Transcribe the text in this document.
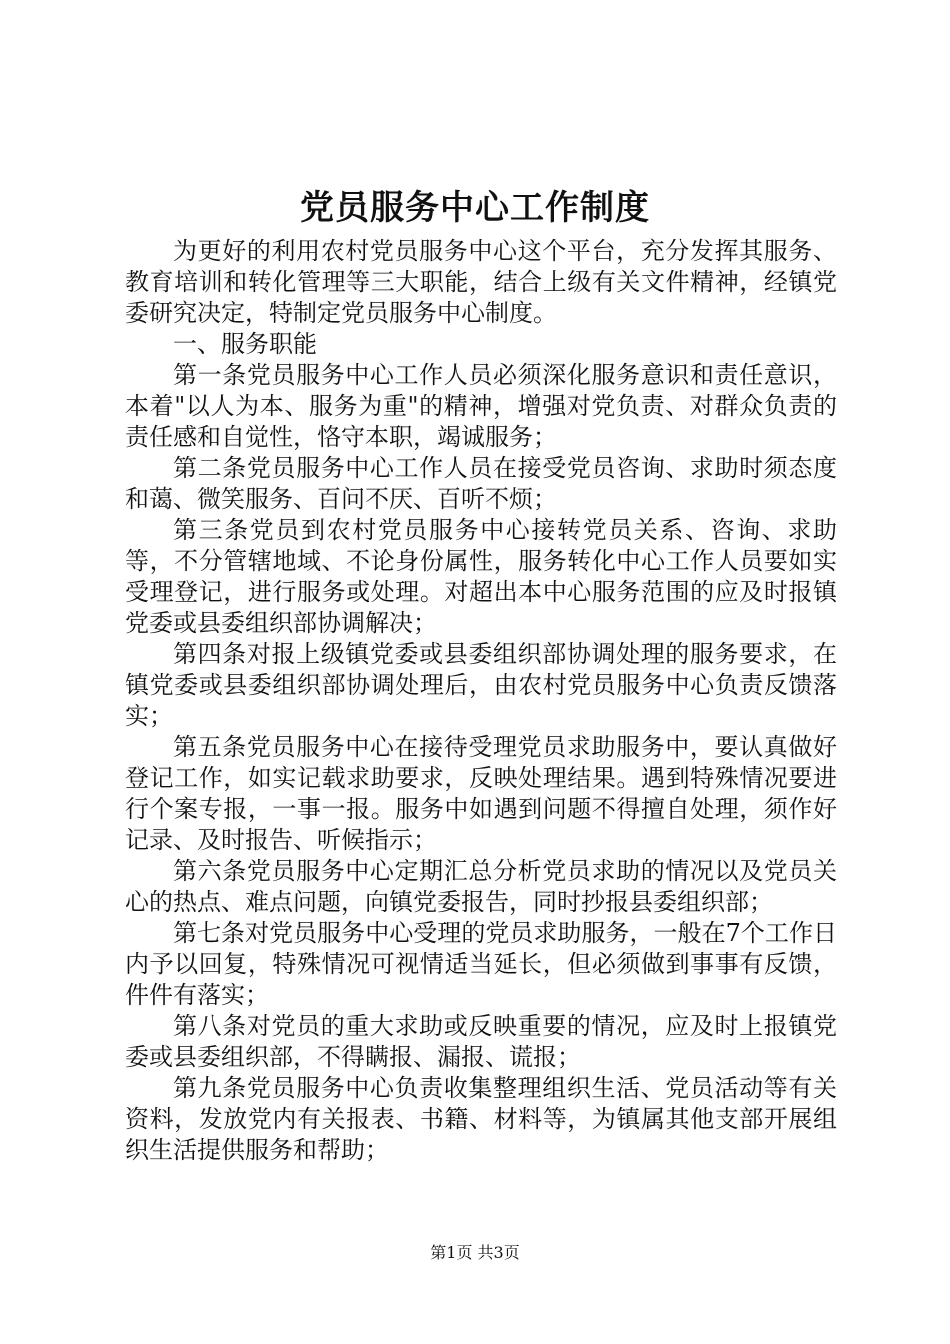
党员服务中心工作制度

为更好的利用农村党员服务中心这个平台，充分发挥其服务、教育培训和转化管理等三大职能，结合上级有关文件精神，经镇党委研究决定，特制定党员服务中心制度。

一、服务职能

第一条党员服务中心工作人员必须深化服务意识和责任意识，本着"以人为本、服务为重"的精神，增强对党负责、对群众负责的责任感和自觉性，恪守本职，竭诚服务；

第二条党员服务中心工作人员在接受党员咨询、求助时须态度和蔼、微笑服务、百问不厌、百听不烦；

第三条党员到农村党员服务中心接转党员关系、咨询、求助等，不分管辖地域、不论身份属性，服务转化中心工作人员要如实受理登记，进行服务或处理。对超出本中心服务范围的应及时报镇党委或县委组织部协调解决；

第四条对报上级镇党委或县委组织部协调处理的服务要求，在镇党委或县委组织部协调处理后，由农村党员服务中心负责反馈落实；

第五条党员服务中心在接待受理党员求助服务中，要认真做好登记工作，如实记载求助要求，反映处理结果。遇到特殊情况要进行个案专报，一事一报。服务中如遇到问题不得擅自处理，须作好记录、及时报告、听候指示；

第六条党员服务中心定期汇总分析党员求助的情况以及党员关心的热点、难点问题，向镇党委报告，同时抄报县委组织部；

第七条对党员服务中心受理的党员求助服务，一般在7个工作日内予以回复，特殊情况可视情适当延长，但必须做到事事有反馈，件件有落实；

第八条对党员的重大求助或反映重要的情况，应及时上报镇党委或县委组织部，不得瞒报、漏报、谎报；

第九条党员服务中心负责收集整理组织生活、党员活动等有关资料，发放党内有关报表、书籍、材料等，为镇属其他支部开展组织生活提供服务和帮助；

第1页 共3页
